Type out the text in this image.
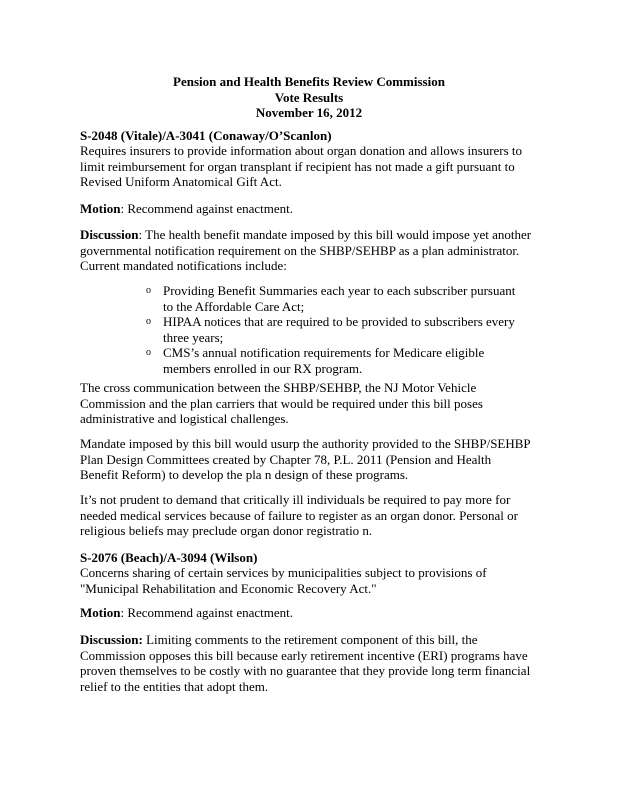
Pension and Health Benefits Review Commission
Vote Results
November 16, 2012
S-2048 (Vitale)/A-3041 (Conaway/O’Scanlon)
Requires insurers to provide information about organ donation and allows insurers to limit reimbursement for organ transplant if recipient has not made a gift pursuant to Revised Uniform Anatomical Gift Act.
Motion: Recommend against enactment.
Discussion: The health benefit mandate imposed by this bill would impose yet another governmental notification requirement on the SHBP/SEHBP as a plan administrator. Current mandated notifications include:
o Providing Benefit Summaries each year to each subscriber pursuant to the Affordable Care Act;
o HIPAA notices that are required to be provided to subscribers every three years;
o CMS’s annual notification requirements for Medicare eligible members enrolled in our RX program.
The cross communication between the SHBP/SEHBP, the NJ Motor Vehicle Commission and the plan carriers that would be required under this bill poses administrative and logistical challenges.
Mandate imposed by this bill would usurp the authority provided to the SHBP/SEHBP Plan Design Committees created by Chapter 78, P.L. 2011 (Pension and Health Benefit Reform) to develop the pla n design of these programs.
It’s not prudent to demand that critically ill individuals be required to pay more for needed medical services because of failure to register as an organ donor. Personal or religious beliefs may preclude organ donor registratio n.
S-2076 (Beach)/A-3094 (Wilson)
Concerns sharing of certain services by municipalities subject to provisions of "Municipal Rehabilitation and Economic Recovery Act."
Motion: Recommend against enactment.
Discussion: Limiting comments to the retirement component of this bill, the Commission opposes this bill because early retirement incentive (ERI) programs have proven themselves to be costly with no guarantee that they provide long term financial relief to the entities that adopt them.
